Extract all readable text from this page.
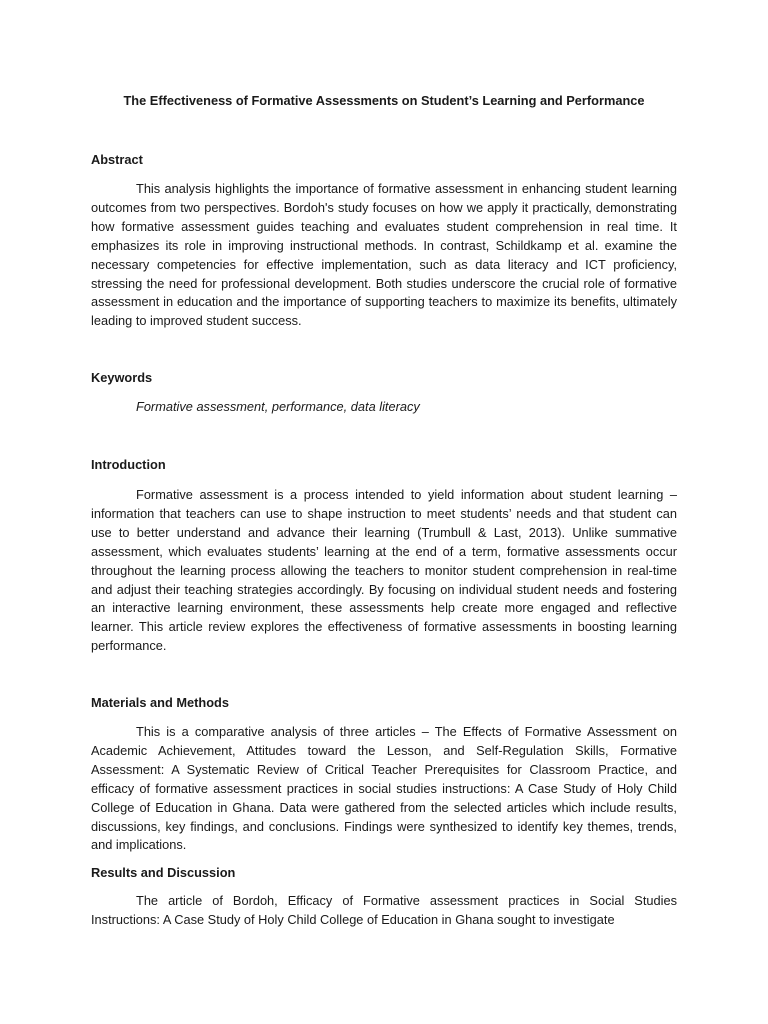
The Effectiveness of Formative Assessments on Student’s Learning and Performance
Abstract

This analysis highlights the importance of formative assessment in enhancing student learning outcomes from two perspectives. Bordoh's study focuses on how we apply it practically, demonstrating how formative assessment guides teaching and evaluates student comprehension in real time. It emphasizes its role in improving instructional methods. In contrast, Schildkamp et al. examine the necessary competencies for effective implementation, such as data literacy and ICT proficiency, stressing the need for professional development. Both studies underscore the crucial role of formative assessment in education and the importance of supporting teachers to maximize its benefits, ultimately leading to improved student success.

Keywords
Formative assessment, performance, data literacy
Introduction

Formative assessment is a process intended to yield information about student learning – information that teachers can use to shape instruction to meet students’ needs and that student can use to better understand and advance their learning (Trumbull & Last, 2013). Unlike summative assessment, which evaluates students’ learning at the end of a term, formative assessments occur throughout the learning process allowing the teachers to monitor student comprehension in real-time and adjust their teaching strategies accordingly. By focusing on individual student needs and fostering an interactive learning environment, these assessments help create more engaged and reflective learner. This article review explores the effectiveness of formative assessments in boosting learning performance.

Materials and Methods

This is a comparative analysis of three articles – The Effects of Formative Assessment on Academic Achievement, Attitudes toward the Lesson, and Self-Regulation Skills, Formative Assessment: A Systematic Review of Critical Teacher Prerequisites for Classroom Practice, and efficacy of formative assessment practices in social studies instructions: A Case Study of Holy Child College of Education in Ghana. Data were gathered from the selected articles which include results, discussions, key findings, and conclusions. Findings were synthesized to identify key themes, trends, and implications.

Results and Discussion

The article of Bordoh, Efficacy of Formative assessment practices in Social Studies Instructions: A Case Study of Holy Child College of Education in Ghana sought to investigate
